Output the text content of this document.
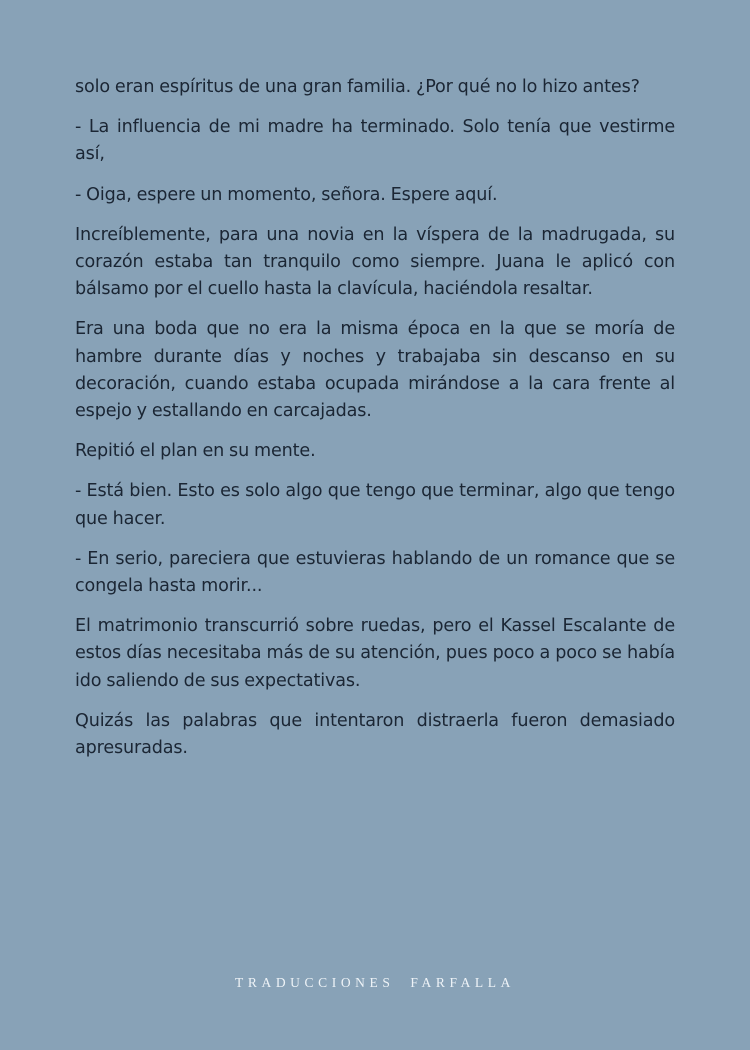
solo eran espíritus de una gran familia. ¿Por qué no lo hizo antes?

- La influencia de mi madre ha terminado. Solo tenía que vestirme así,

- Oiga, espere un momento, señora. Espere aquí.

Increíblemente, para una novia en la víspera de la madrugada, su corazón estaba tan tranquilo como siempre. Juana le aplicó con bálsamo por el cuello hasta la clavícula, haciéndola resaltar.

Era una boda que no era la misma época en la que se moría de hambre durante días y noches y trabajaba sin descanso en su decoración, cuando estaba ocupada mirándose a la cara frente al espejo y estallando en carcajadas.

Repitió el plan en su mente.

- Está bien. Esto es solo algo que tengo que terminar, algo que tengo que hacer.

- En serio, pareciera que estuvieras hablando de un romance que se congela hasta morir...

El matrimonio transcurrió sobre ruedas, pero el Kassel Escalante de estos días necesitaba más de su atención, pues poco a poco se había ido saliendo de sus expectativas.

Quizás las palabras que intentaron distraerla fueron demasiado apresuradas.

TRADUCCIONES  FARFALLA
